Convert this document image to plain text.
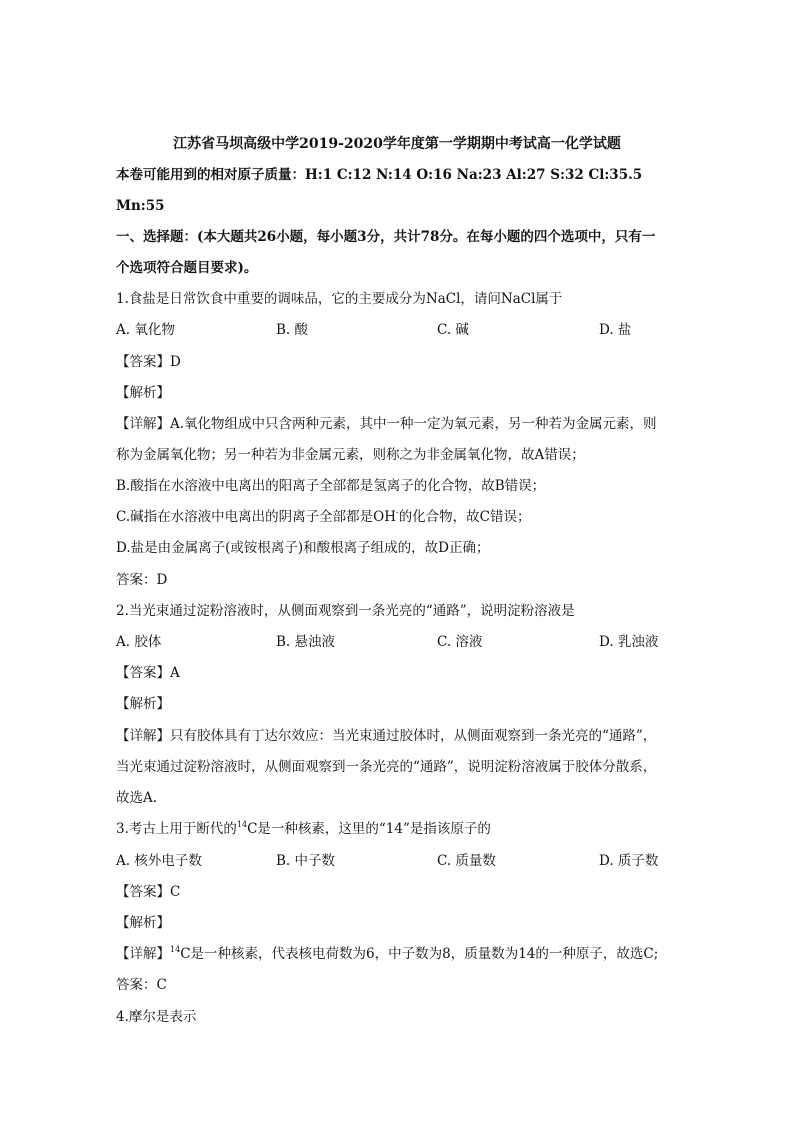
江苏省马坝高级中学2019-2020学年度第一学期期中考试高一化学试题
本卷可能用到的相对原子质量：H:1 C:12 N:14 O:16 Na:23 Al:27 S:32 Cl:35.5
Mn:55
一、选择题：(本大题共26小题，每小题3分，共计78分。在每小题的四个选项中，只有一
个选项符合题目要求)。
1.食盐是日常饮食中重要的调味品，它的主要成分为NaCl，请问NaCl属于
A. 氧化物	B. 酸	C. 碱	D. 盐
【答案】D
【解析】
【详解】A.氧化物组成中只含两种元素，其中一种一定为氧元素，另一种若为金属元素，则
称为金属氧化物；另一种若为非金属元素，则称之为非金属氧化物，故A错误；
B.酸指在水溶液中电离出的阳离子全部都是氢离子的化合物，故B错误；
C.碱指在水溶液中电离出的阴离子全部都是OH-的化合物，故C错误；
D.盐是由金属离子(或铵根离子)和酸根离子组成的，故D正确；
答案：D
2.当光束通过淀粉溶液时，从侧面观察到一条光亮的“通路”，说明淀粉溶液是
A. 胶体	B. 悬浊液	C. 溶液	D. 乳浊液
【答案】A
【解析】
【详解】只有胶体具有丁达尔效应：当光束通过胶体时，从侧面观察到一条光亮的“通路”，
当光束通过淀粉溶液时，从侧面观察到一条光亮的“通路”，说明淀粉溶液属于胶体分散系，
故选A.
3.考古上用于断代的$^{14}$C是一种核素，这里的“14”是指该原子的
A. 核外电子数	B. 中子数	C. 质量数	D. 质子数
【答案】C
【解析】
【详解】$^{14}$C是一种核素，代表核电荷数为6，中子数为8，质量数为14的一种原子，故选C;
答案：C
4.摩尔是表示
